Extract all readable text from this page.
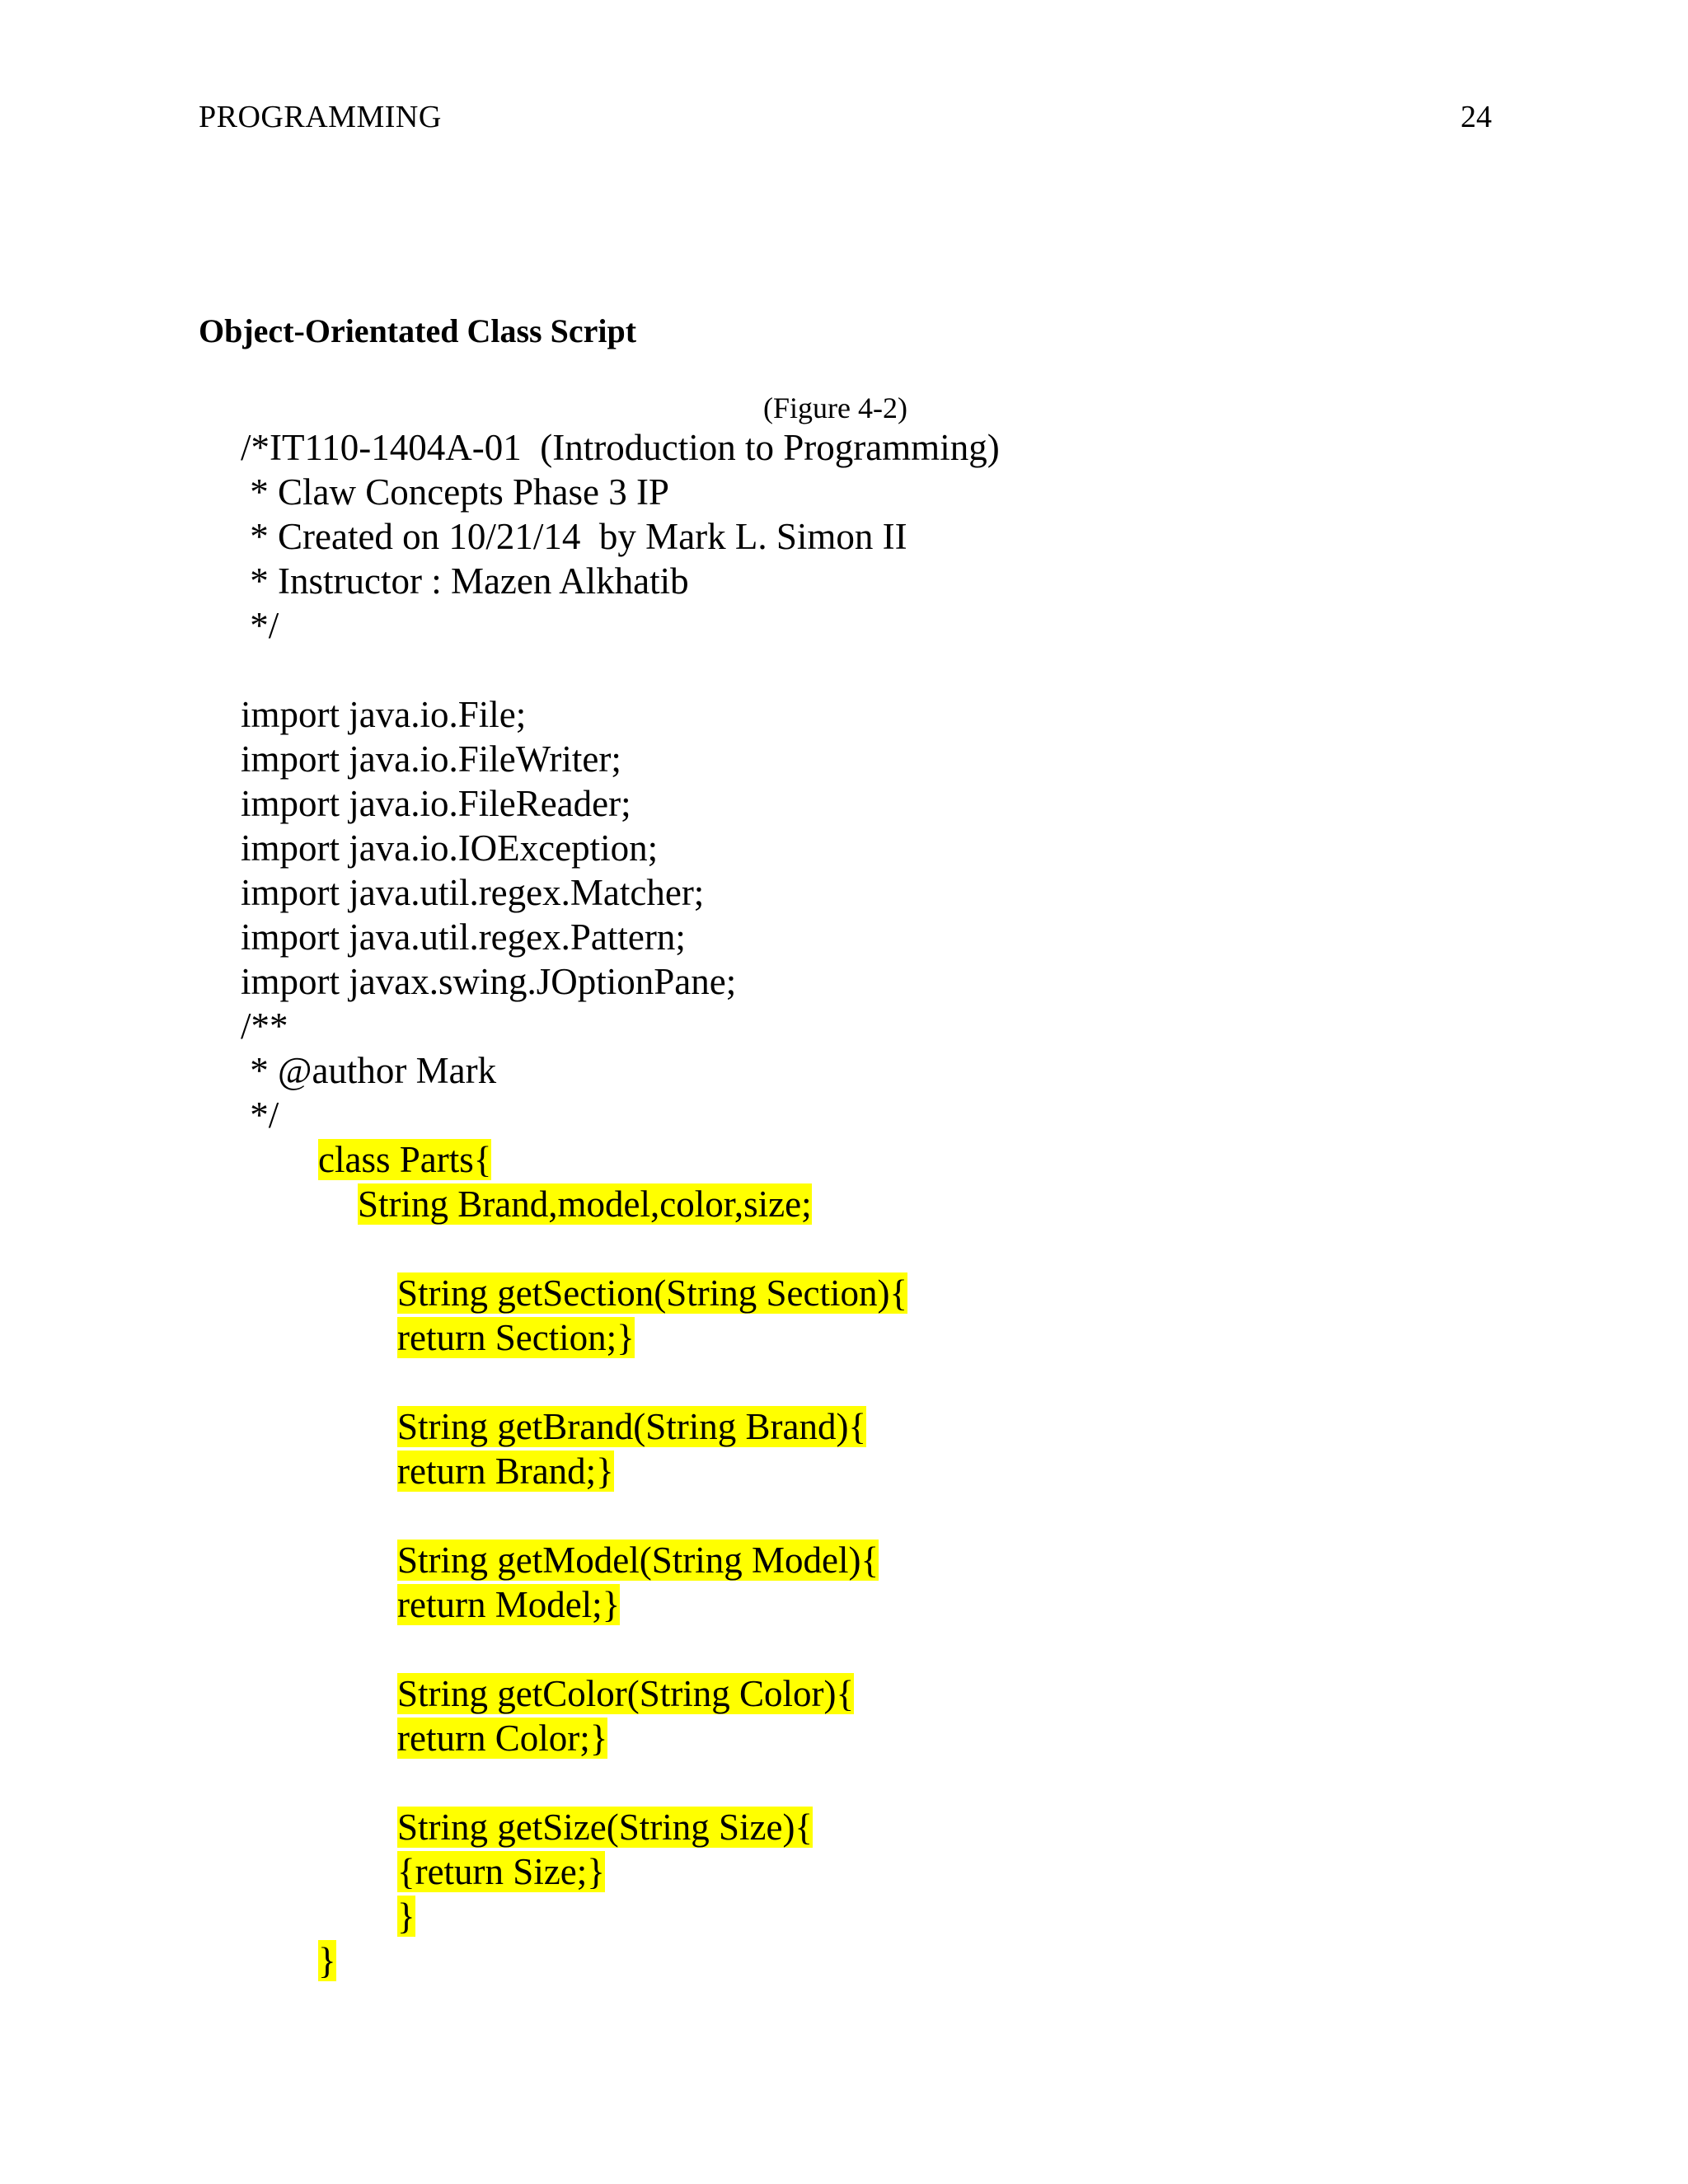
PROGRAMMING	24
Object-Orientated Class Script
(Figure 4-2)
/*IT110-1404A-01  (Introduction to Programming)
* Claw Concepts Phase 3 IP
* Created on 10/21/14  by Mark L. Simon II
* Instructor : Mazen Alkhatib
*/
import java.io.File;
import java.io.FileWriter;
import java.io.FileReader;
import java.io.IOException;
import java.util.regex.Matcher;
import java.util.regex.Pattern;
import javax.swing.JOptionPane;
/**
* @author Mark
*/
class Parts{
String Brand,model,color,size;
String getSection(String Section){
return Section;}
String getBrand(String Brand){
return Brand;}
String getModel(String Model){
return Model;}
String getColor(String Color){
return Color;}
String getSize(String Size){
{return Size;}
}
}
